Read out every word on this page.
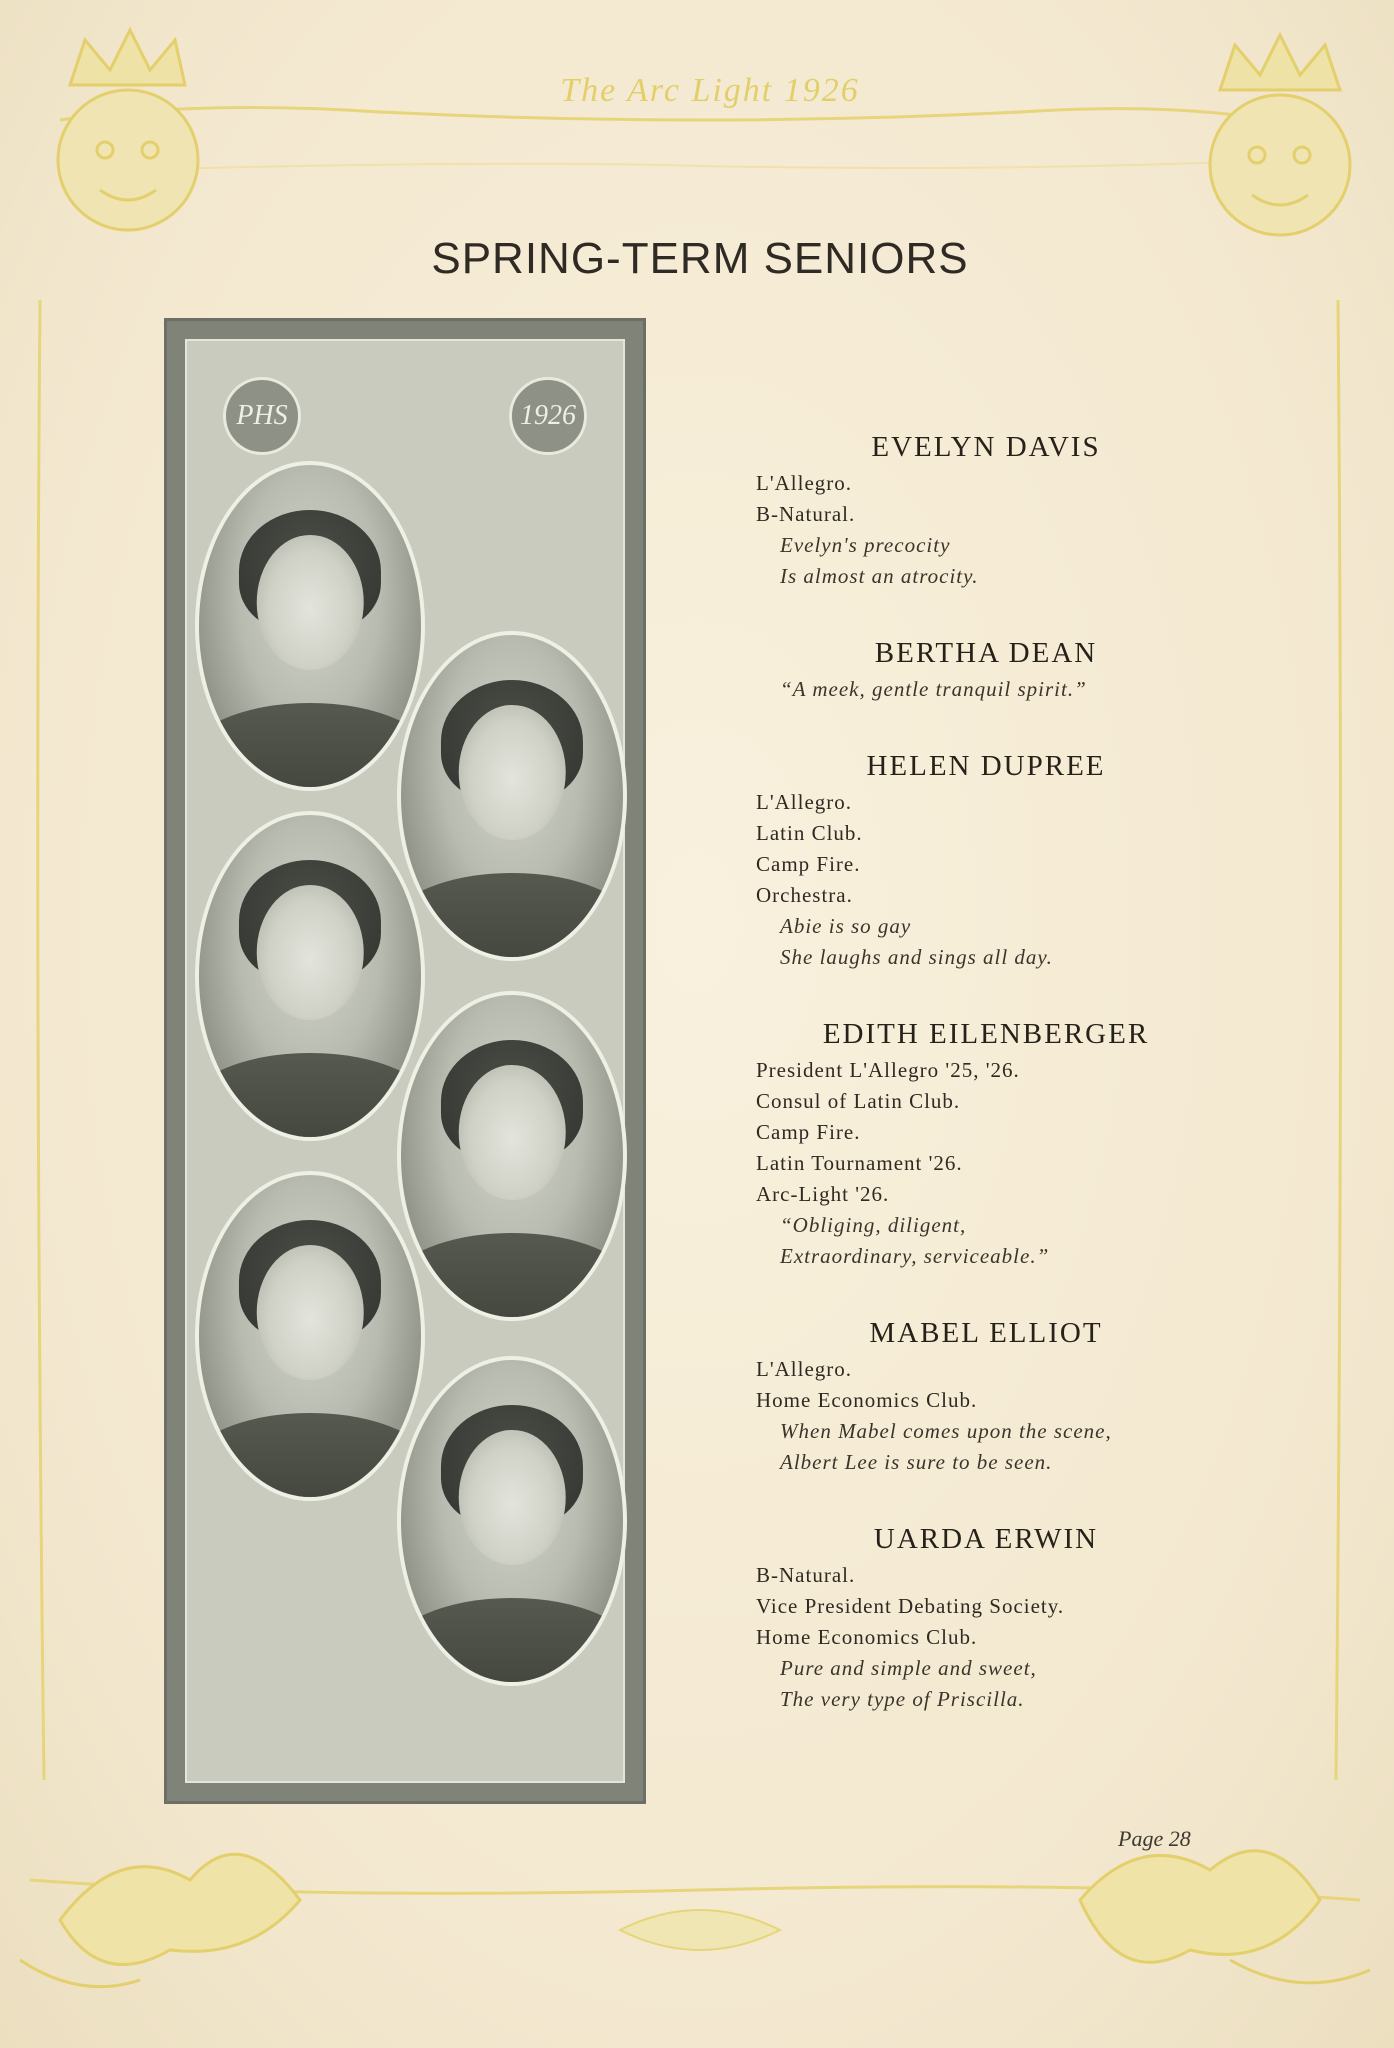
The Arc Light 1926
SPRING-TERM SENIORS
PHS	1926
EVELYN DAVIS

L'Allegro.

B-Natural.

Evelyn's precocity

Is almost an atrocity.

BERTHA DEAN

“A meek, gentle tranquil spirit.”

HELEN DUPREE

L'Allegro.

Latin Club.

Camp Fire.

Orchestra.

Abie is so gay

She laughs and sings all day.

EDITH EILENBERGER

President L'Allegro '25, '26.

Consul of Latin Club.

Camp Fire.

Latin Tournament '26.

Arc-Light '26.

“Obliging, diligent,

Extraordinary, serviceable.”

MABEL ELLIOT

L'Allegro.

Home Economics Club.

When Mabel comes upon the scene,

Albert Lee is sure to be seen.

UARDA ERWIN

B-Natural.

Vice President Debating Society.

Home Economics Club.

Pure and simple and sweet,

The very type of Priscilla.

Page 28
